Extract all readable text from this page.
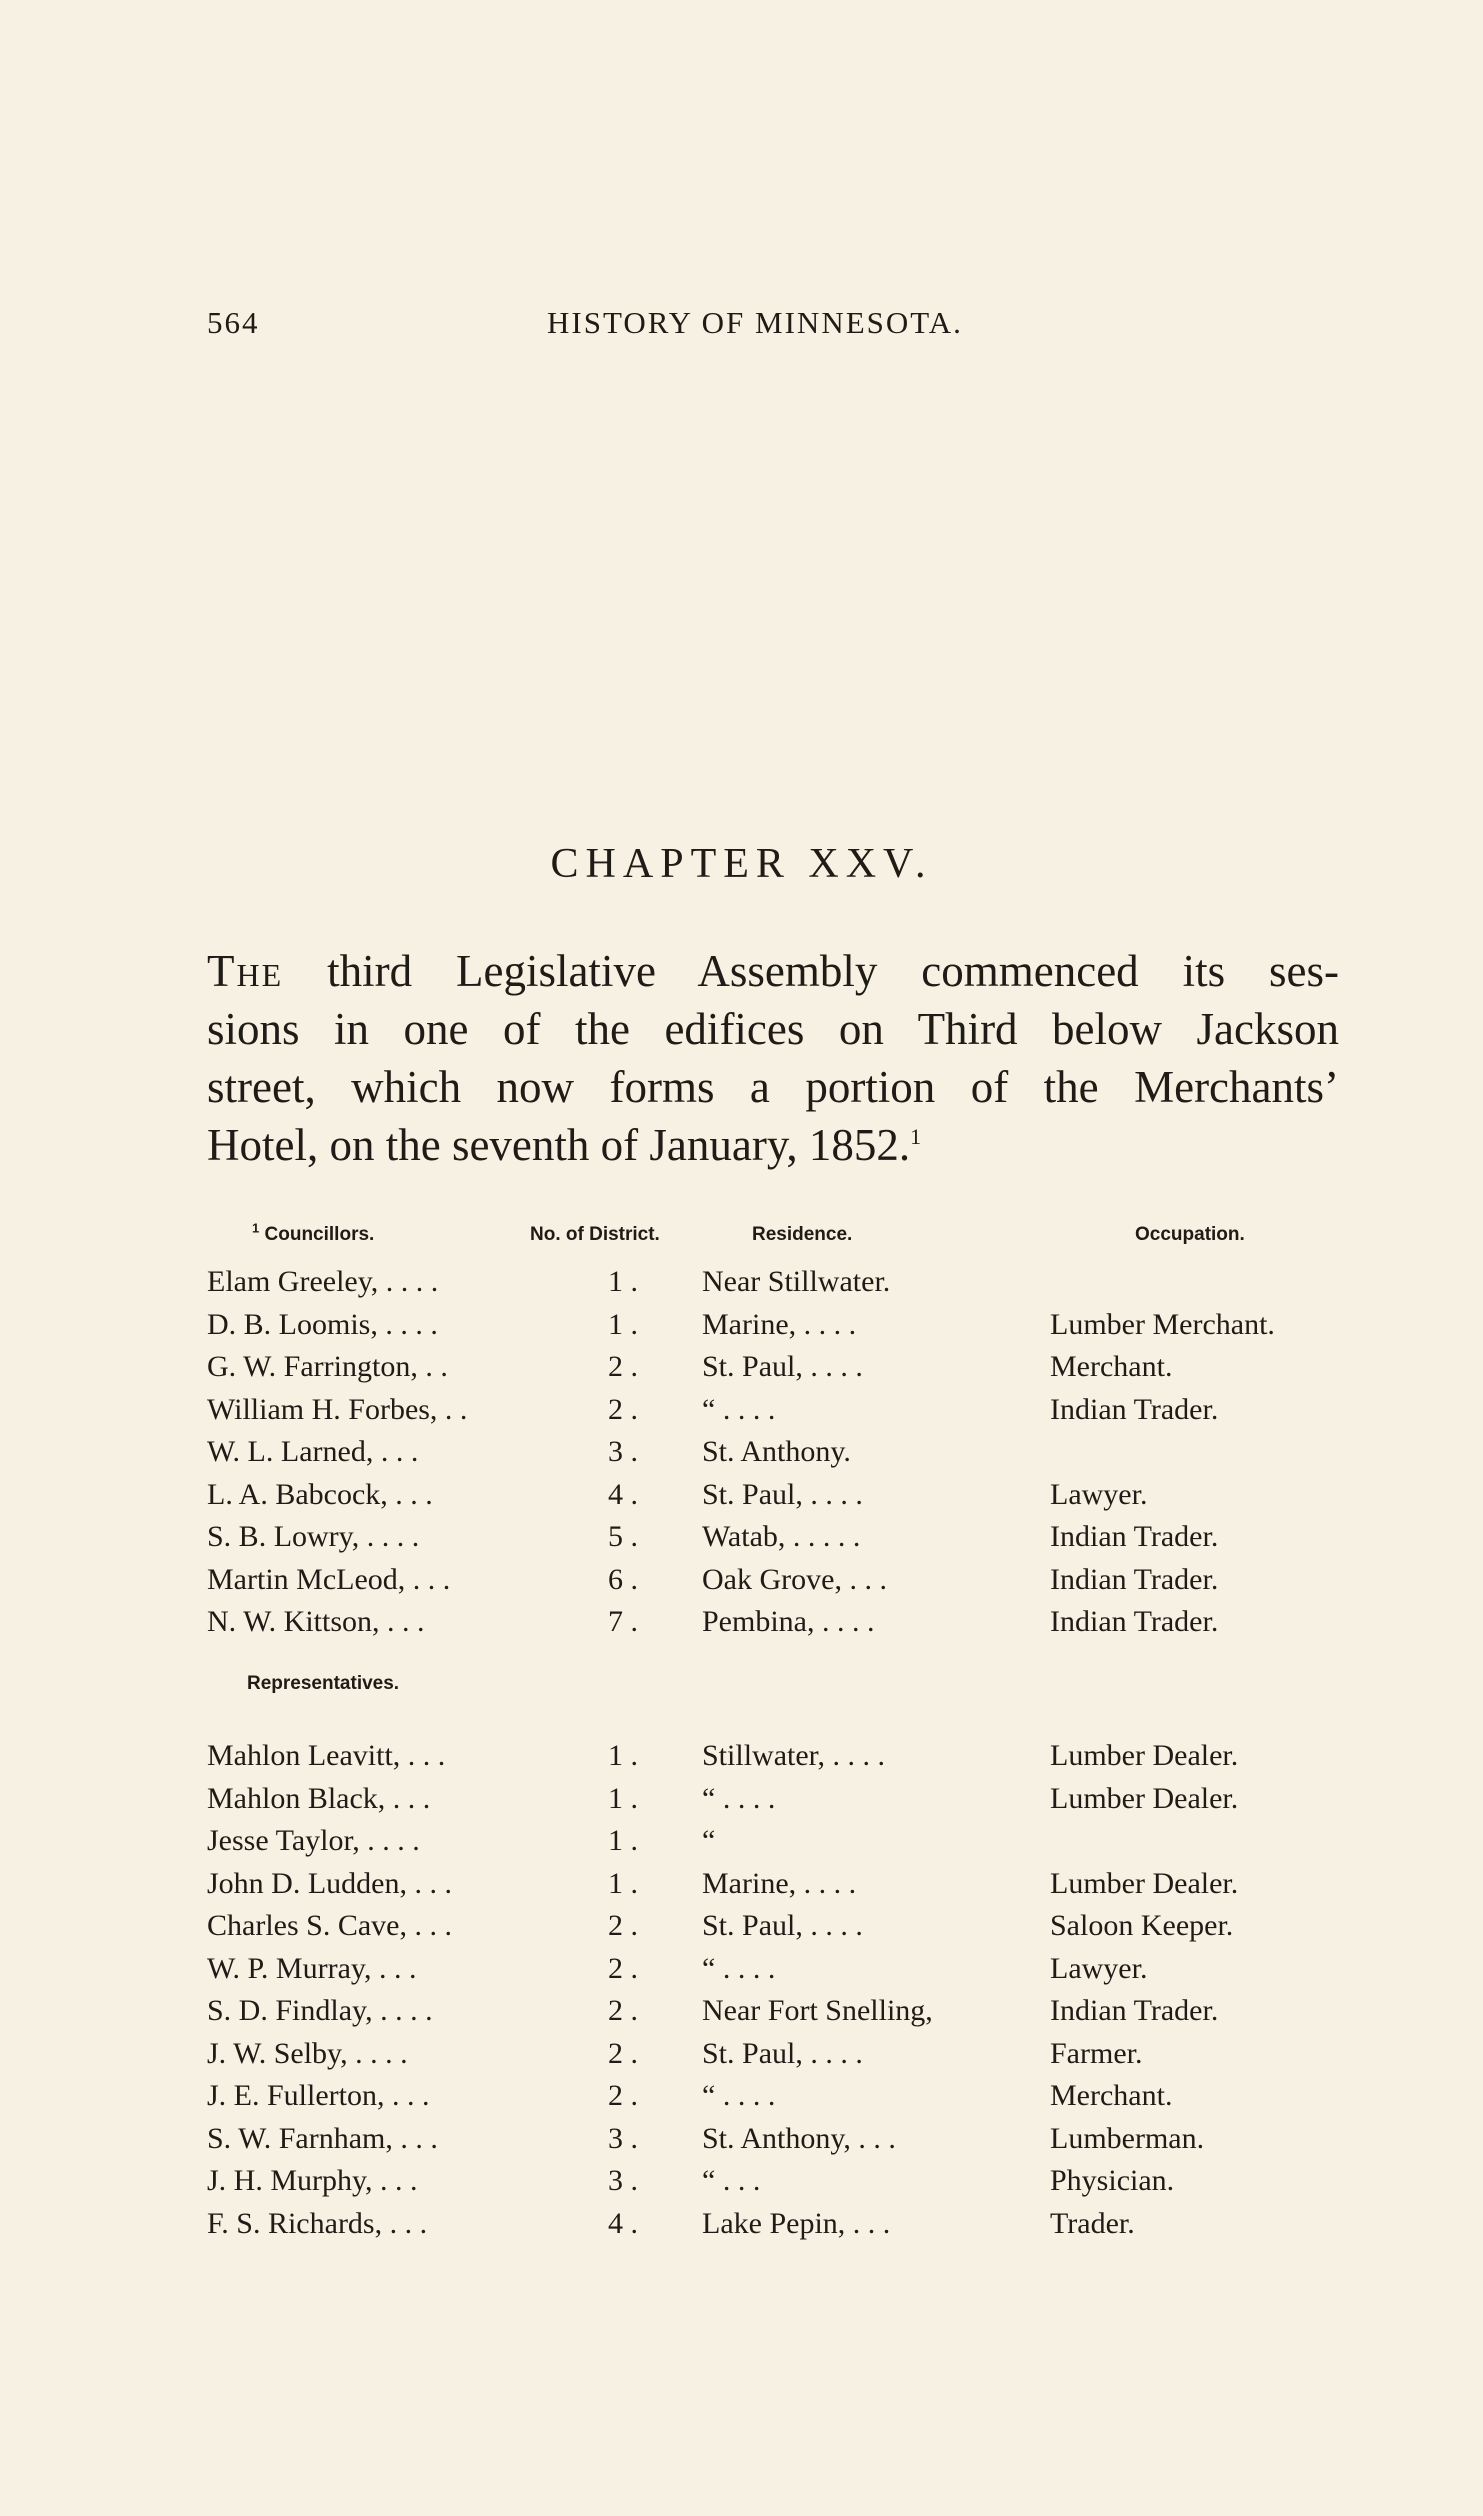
564	HISTORY OF MINNESOTA.
CHAPTER XXV.
The third Legislative Assembly commenced its ses-
sions in one of the edifices on Third below Jackson
street, which now forms a portion of the Merchants’
Hotel, on the seventh of January, 1852.$^1$
$^1$ Councillors.	No. of District.	Residence.	Occupation.
Elam Greeley, . . . .	1 . Near Stillwater.
D. B. Loomis, . . . .	1 . Marine, . . . .	Lumber Merchant.
G. W. Farrington, . .	2 . St. Paul, . . . .	Merchant.
William H. Forbes, . .	2 . “ . . . .	Indian Trader.
W. L. Larned, . . .	3 . St. Anthony.
L. A. Babcock, . . .	4 . St. Paul, . . . .	Lawyer.
S. B. Lowry, . . . .	5 . Watab, . . . . .	Indian Trader.
Martin McLeod, . . .	6 . Oak Grove, . . .	Indian Trader.
N. W. Kittson, . . .	7 . Pembina, . . . .	Indian Trader.
Representatives.
Mahlon Leavitt, . . .	1 . Stillwater, . . . .	Lumber Dealer.
Mahlon Black, . . .	1 . “ . . . .	Lumber Dealer.
Jesse Taylor, . . . .	1 . “
John D. Ludden, . . .	1 . Marine, . . . .	Lumber Dealer.
Charles S. Cave, . . .	2 . St. Paul, . . . .	Saloon Keeper.
W. P. Murray, . . .	2 . “ . . . .	Lawyer.
S. D. Findlay, . . . .	2 . Near Fort Snelling,	Indian Trader.
J. W. Selby, . . . .	2 . St. Paul, . . . .	Farmer.
J. E. Fullerton, . . .	2 . “ . . . .	Merchant.
S. W. Farnham, . . .	3 . St. Anthony, . . .	Lumberman.
J. H. Murphy, . . .	3 . “ . . .	Physician.
F. S. Richards, . . .	4 . Lake Pepin, . . .	Trader.
